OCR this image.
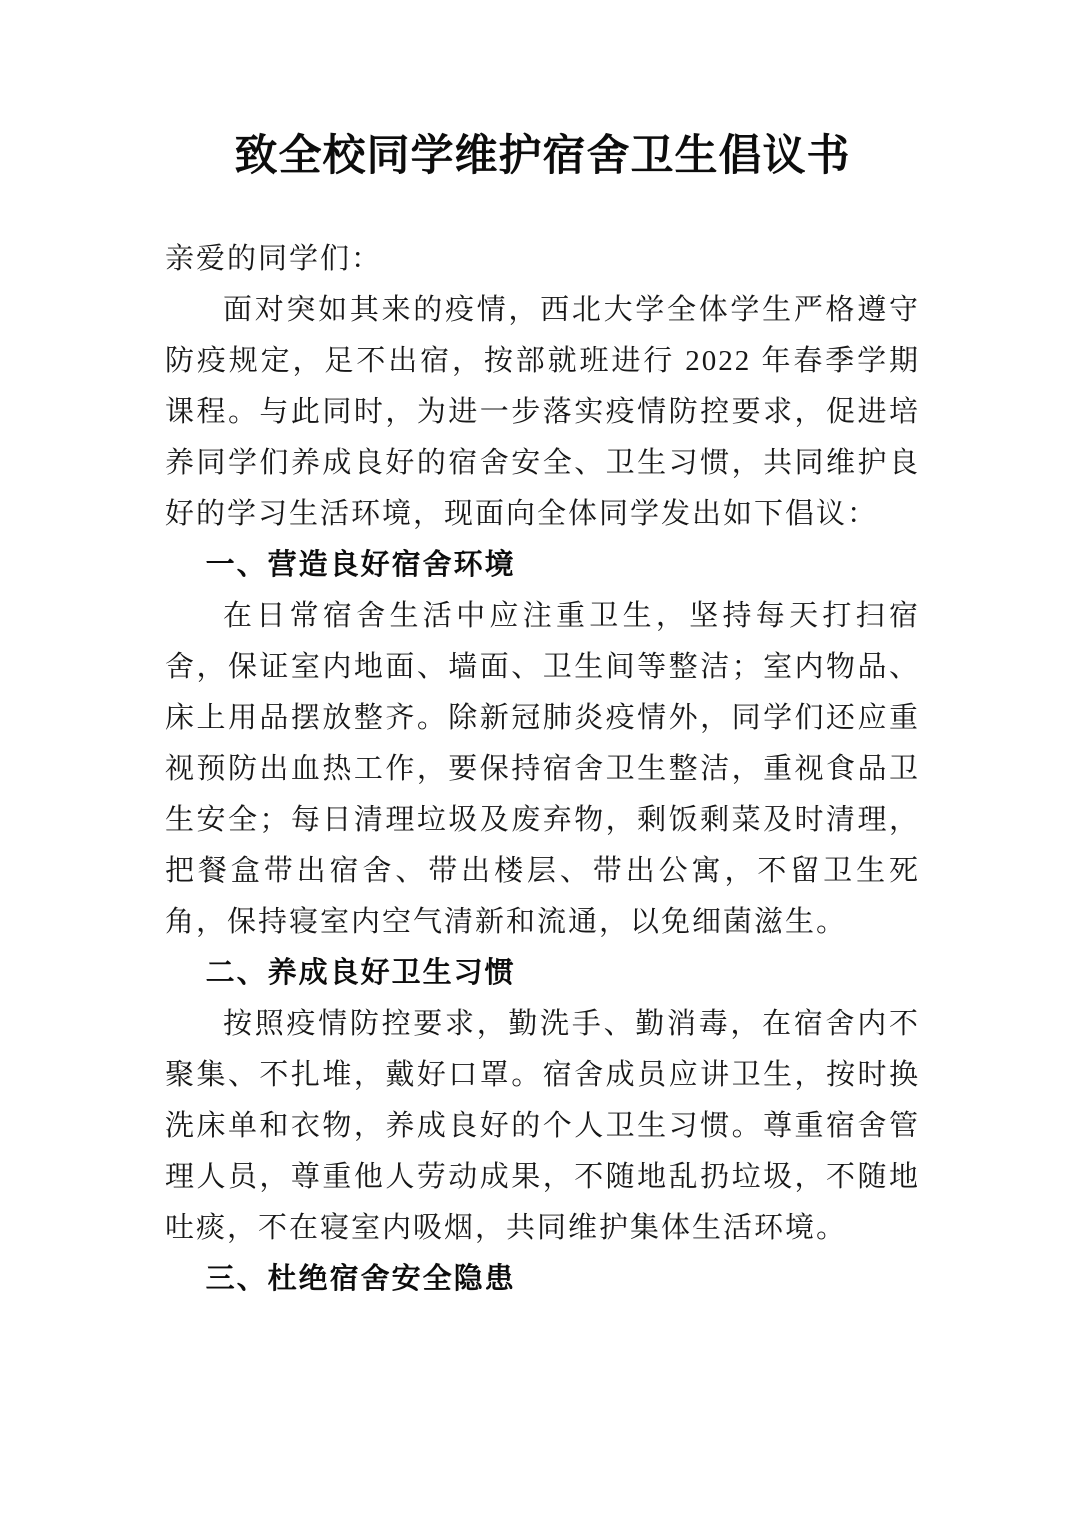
致全校同学维护宿舍卫生倡议书

亲爱的同学们：

面对突如其来的疫情，西北大学全体学生严格遵守防疫规定，足不出宿，按部就班进行 2022 年春季学期课程。与此同时，为进一步落实疫情防控要求，促进培养同学们养成良好的宿舍安全、卫生习惯，共同维护良好的学习生活环境，现面向全体同学发出如下倡议：

一、营造良好宿舍环境

在日常宿舍生活中应注重卫生，坚持每天打扫宿舍，保证室内地面、墙面、卫生间等整洁；室内物品、床上用品摆放整齐。除新冠肺炎疫情外，同学们还应重视预防出血热工作，要保持宿舍卫生整洁，重视食品卫生安全；每日清理垃圾及废弃物，剩饭剩菜及时清理，把餐盒带出宿舍、带出楼层、带出公寓，不留卫生死角，保持寝室内空气清新和流通，以免细菌滋生。

二、养成良好卫生习惯

按照疫情防控要求，勤洗手、勤消毒，在宿舍内不聚集、不扎堆，戴好口罩。宿舍成员应讲卫生，按时换洗床单和衣物，养成良好的个人卫生习惯。尊重宿舍管理人员，尊重他人劳动成果，不随地乱扔垃圾，不随地吐痰，不在寝室内吸烟，共同维护集体生活环境。

三、杜绝宿舍安全隐患
